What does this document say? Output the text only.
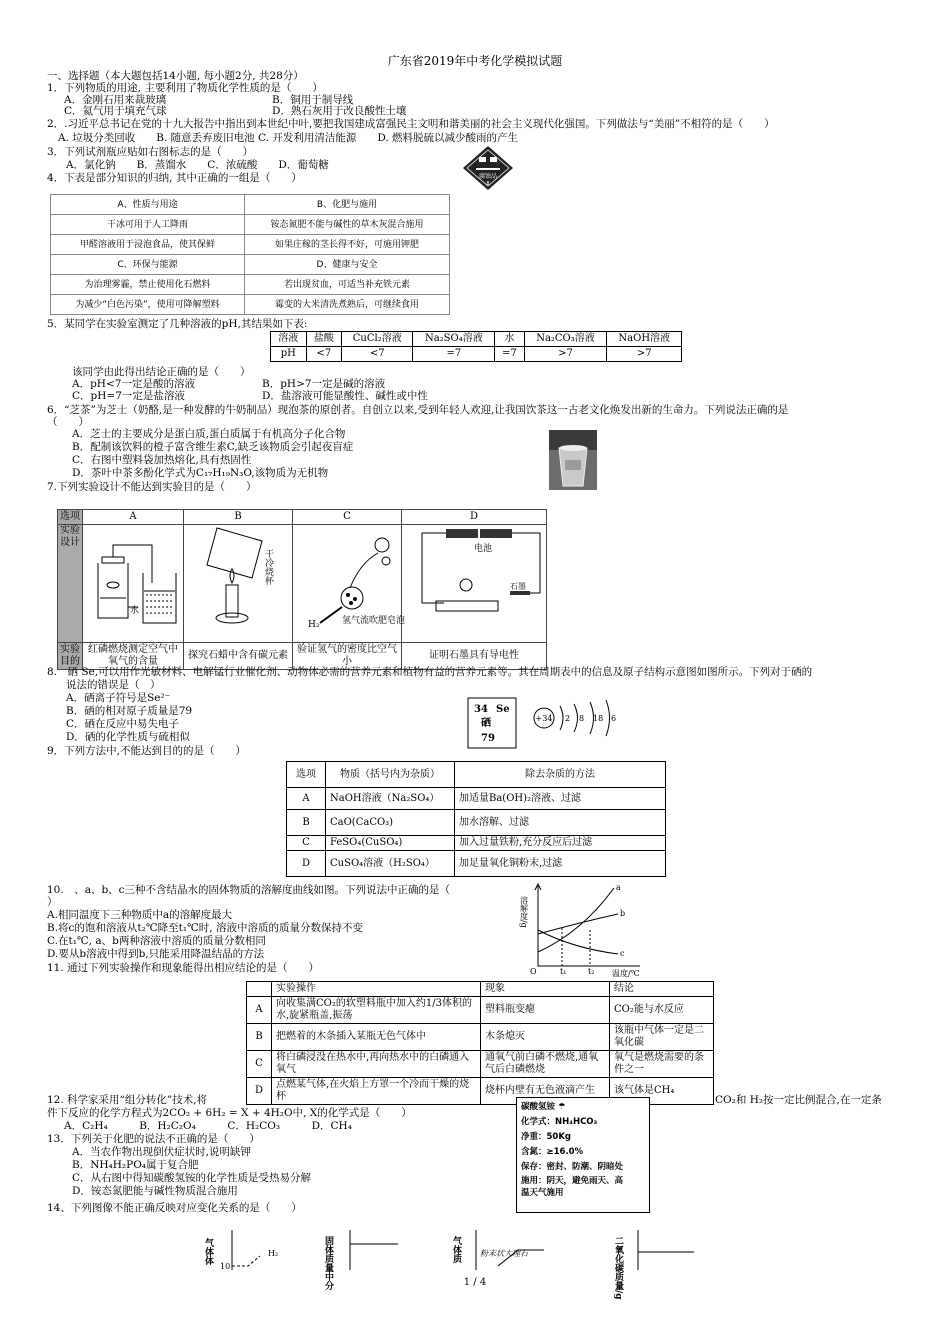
广东省2019年中考化学模拟试题
一、选择题（本大题包括14小题, 每小题2分, 共28分）
1．下列物质的用途, 主要利用了物质化学性质的是（　　）
A．金刚石用来裁玻璃	B．铜用于制导线
C．氦气用于填充气球	D．熟石灰用于改良酸性土壤
2．.习近平总书记在党的十九大报告中指出到本世纪中叶,要把我国建成富强民主文明和谐美丽的社会主义现代化强国。下列做法与“美丽”不相符的是（　　）
A. 垃圾分类回收　　B. 随意丢弃废旧电池 C. 开发利用清洁能源　　D. 燃料脱硫以减少酸雨的产生
3．下列试剂瓶应贴如右图标志的是（　　）
A．氯化钠　　B．蒸馏水　　C．浓硫酸　　D．葡萄糖
腐蚀品
8
4．下表是部分知识的归纳, 其中正确的一组是（　　）
A、性质与用途	B、化肥与施用
干冰可用于人工降雨	铵态氮肥不能与碱性的草木灰混合施用
甲醛溶液用于浸泡食品，使其保鲜	如果庄稼的茎长得不好，可施用钾肥
C、环保与能源	D、健康与安全
为治理雾霾，禁止使用化石燃料	若出现贫血，可适当补充铁元素
为减少“白色污染”，使用可降解塑料	霉变的大米清洗煮熟后，可继续食用
5．某同学在实验室测定了几种溶液的pH,其结果如下表:
溶液	盐酸	CuCl₂溶液	Na₂SO₄溶液	水	Na₂CO₃溶液	NaOH溶液
pH	<7	<7	=7	=7	>7	>7
该同学由此得出结论正确的是（　　）
A．pH<7一定是酸的溶液	B．pH>7一定是碱的溶液
C．pH=7一定是盐溶液	D．盐溶液可能显酸性、碱性或中性
6．“芝茶”为芝士（奶酪,是一种发酵的牛奶制品）现泡茶的原创者。自创立以来,受到年轻人欢迎,让我国饮茶这一古老文化焕发出新的生命力。下列说法正确的是
（　　）
A．芝士的主要成分是蛋白质,蛋白质属于有机高分子化合物
B．配制该饮料的橙子富含维生素C,缺乏该物质会引起夜盲症
C．右图中塑料袋加热熔化,具有热固性
D．茶叶中茶多酚化学式为C₁₇H₁₉N₃O,该物质为无机物
7.下列实验设计不能达到实验目的是（　　）
选项	A	B	C	D
实验设计				
实验目的	红磷燃烧测定空气中氧气的含量	探究石蜡中含有碳元素	验证氢气的密度比空气小	证明石墨具有导电性
水
干冷烧杯
H₂	氢气流吹肥皂泡
电池
石墨
8.　硒 Se,可以用作光敏材料、电解锰行业催化剂、动物体必需的营养元素和植物有益的营养元素等。其在周期表中的信息及原子结构示意图如图所示。下列对于硒的
说法的错误是（　）
A．硒离子符号是Se²⁻
B．硒的相对原子质量是79
C．硒在反应中易失电子
D．硒的化学性质与硫相似
34 Se
硒
79
+34 2 8 18 6
9．下列方法中,不能达到目的的是（　　）
选项	物质（括号内为杂质）	除去杂质的方法
A	NaOH溶液（Na₂SO₄）	加适量Ba(OH)₂溶液、过滤
B	CaO(CaCO₃)	加水溶解、过滤
C	FeSO₄(CuSO₄)	加入过量铁粉,充分反应后过滤
D	CuSO₄溶液（H₂SO₄）	加足量氧化铜粉末,过滤
10.　、a、b、c三种不含结晶水的固体物质的溶解度曲线如图。下列说法中正确的是（
）
A.相同温度下三种物质中a的溶解度最大
B.将c的饱和溶液从t₂℃降至t₁℃时, 溶液中溶质的质量分数保持不变
C.在t₁℃, a、b两种溶液中溶质的质量分数相同
D.要从b溶液中得到b,只能采用降温结晶的方法
溶解度/g
温度/℃
O	t₁	t₂
a
b
c
11. 通过下列实验操作和现象能得出相应结论的是（　　）
	实验操作	现象	结论
A	向收集满CO₂的软塑料瓶中加入约1/3体积的水,旋紧瓶盖,振荡	塑料瓶变瘪	CO₂能与水反应
B	把燃着的木条插入某瓶无色气体中	木条熄灭	该瓶中气体一定是二氧化碳
C	将白磷浸没在热水中,再向热水中的白磷通入氧气	通氧气前白磷不燃烧,通氧气后白磷燃烧	氧气是燃烧需要的条件之一
D	点燃某气体,在火焰上方罩一个冷而干燥的烧杯	烧杯内壁有无色液滴产生	该气体是CH₄
12. 科学家采用“组分转化”技术,将	CO₂和 H₂按一定比例混合,在一定条
件下反应的化学方程式为2CO₂ + 6H₂ = X + 4H₂O中, X的化学式是（　　）
A．C₂H₄　　　B．H₂C₂O₄　　　C．H₂CO₃　　　D．CH₄
碳酸氢铵 ☂
化学式：NH₄HCO₃
净重：50Kg
含氮：≥16.0%
保存：密封、防潮、阴暗处
施用：阴天，避免雨天、高
温天气施用
13．下列关于化肥的说法不正确的是（　　）
A．当农作物出现倒伏症状时,说明缺钾
B．NH₄H₂PO₄属于复合肥
C．从右图中得知碳酸氢铵的化学性质是受热易分解
D．铵态氮肥能与碱性物质混合施用
14、下列图像不能正确反映对应变化关系的是（　　）
气体体
10
H₂	固体质量中分	气体质 粉末状大理石	二氧化碳质量/g
1 / 4
